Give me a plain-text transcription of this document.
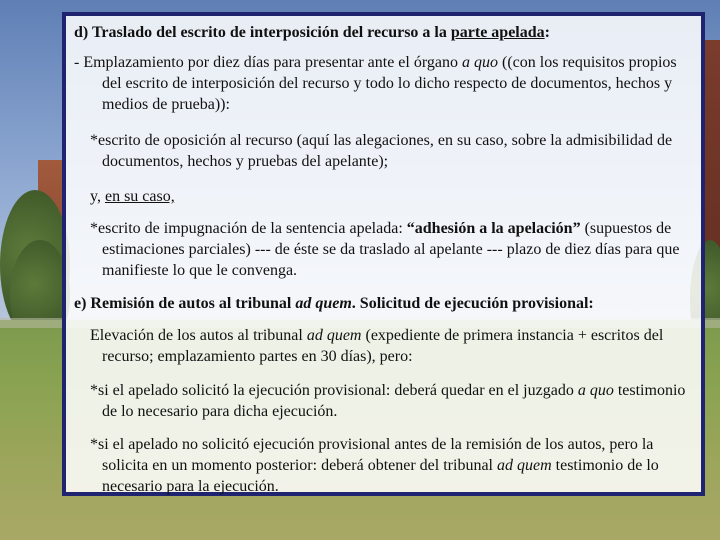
d) Traslado del escrito de interposición del recurso a la parte apelada:

- Emplazamiento por diez días para presentar ante el órgano a quo ((con los requisitos propios del escrito de interposición del recurso y todo lo dicho respecto de documentos, hechos y medios de prueba)):

*escrito de oposición al recurso (aquí las alegaciones, en su caso, sobre la admisibilidad de documentos, hechos y pruebas del apelante);

y, en su caso,

*escrito de impugnación de la sentencia apelada: “adhesión a la apelación” (supuestos de estimaciones parciales) --- de éste se da traslado al apelante --- plazo de diez días para que manifieste lo que le convenga.

e) Remisión de autos al tribunal ad quem. Solicitud de ejecución provisional:

Elevación de los autos al tribunal ad quem (expediente de primera instancia + escritos del recurso; emplazamiento partes en 30 días), pero:

*si el apelado solicitó la ejecución provisional: deberá quedar en el juzgado a quo testimonio de lo necesario para dicha ejecución.

*si el apelado no solicitó ejecución provisional antes de la remisión de los autos, pero la solicita en un momento posterior: deberá obtener del tribunal ad quem testimonio de lo necesario para la ejecución.
